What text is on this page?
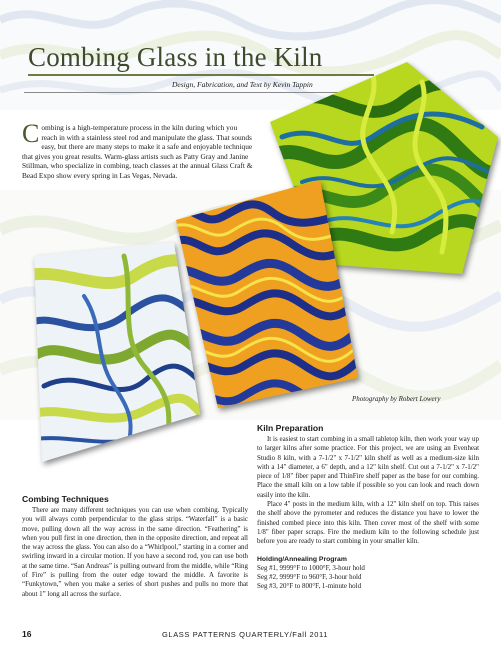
Combing Glass in the Kiln
Design, Fabrication, and Text by Kevin Tappin
Combing is a high-temperature process in the kiln during which you reach in with a stainless steel rod and manipulate the glass. That sounds easy, but there are many steps to make it a safe and enjoyable technique that gives you great results. Warm-glass artists such as Patty Gray and Janine Stillman, who specialize in combing, teach classes at the annual Glass Craft & Bead Expo show every spring in Las Vegas, Nevada.
Photography by Robert Lowery
Combing Techniques

There are many different techniques you can use when combing. Typically you will always comb perpendicular to the glass strips. “Waterfall” is a basic move, pulling down all the way across in the same direction. “Feathering” is when you pull first in one direction, then in the opposite direction, and repeat all the way across the glass. You can also do a “Whirlpool,” starting in a corner and swirling inward in a circular motion. If you have a second rod, you can use both at the same time. “San Andreas” is pulling outward from the middle, while “Ring of Fire” is pulling from the outer edge toward the middle. A favorite is “Funkytown,” when you make a series of short pushes and pulls no more that about 1” long all across the surface.

Kiln Preparation

It is easiest to start combing in a small tabletop kiln, then work your way up to larger kilns after some practice. For this project, we are using an Evenheat Studio 8 kiln, with a 7-1/2" x 7-1/2" kiln shelf as well as a medium-size kiln with a 14" diameter, a 6" depth, and a 12" kiln shelf. Cut out a 7-1/2" x 7-1/2" piece of 1/8" fiber paper and ThinFire shelf paper as the base for our combing. Place the small kiln on a low table if possible so you can look and reach down easily into the kiln.

Place 4" posts in the medium kiln, with a 12" kiln shelf on top. This raises the shelf above the pyrometer and reduces the distance you have to lower the finished combed piece into this kiln. Then cover most of the shelf with some 1/8" fiber paper scraps. Fire the medium kiln to the following schedule just before you are ready to start combing in your smaller kiln.

Holding/Annealing Program

Seg #1, 9999°F to 1000°F, 3-hour hold

Seg #2, 9999°F to 960°F, 3-hour hold

Seg #3, 20°F to 800°F, 1-minute hold

16	GLASS PATTERNS QUARTERLY/Fall 2011
